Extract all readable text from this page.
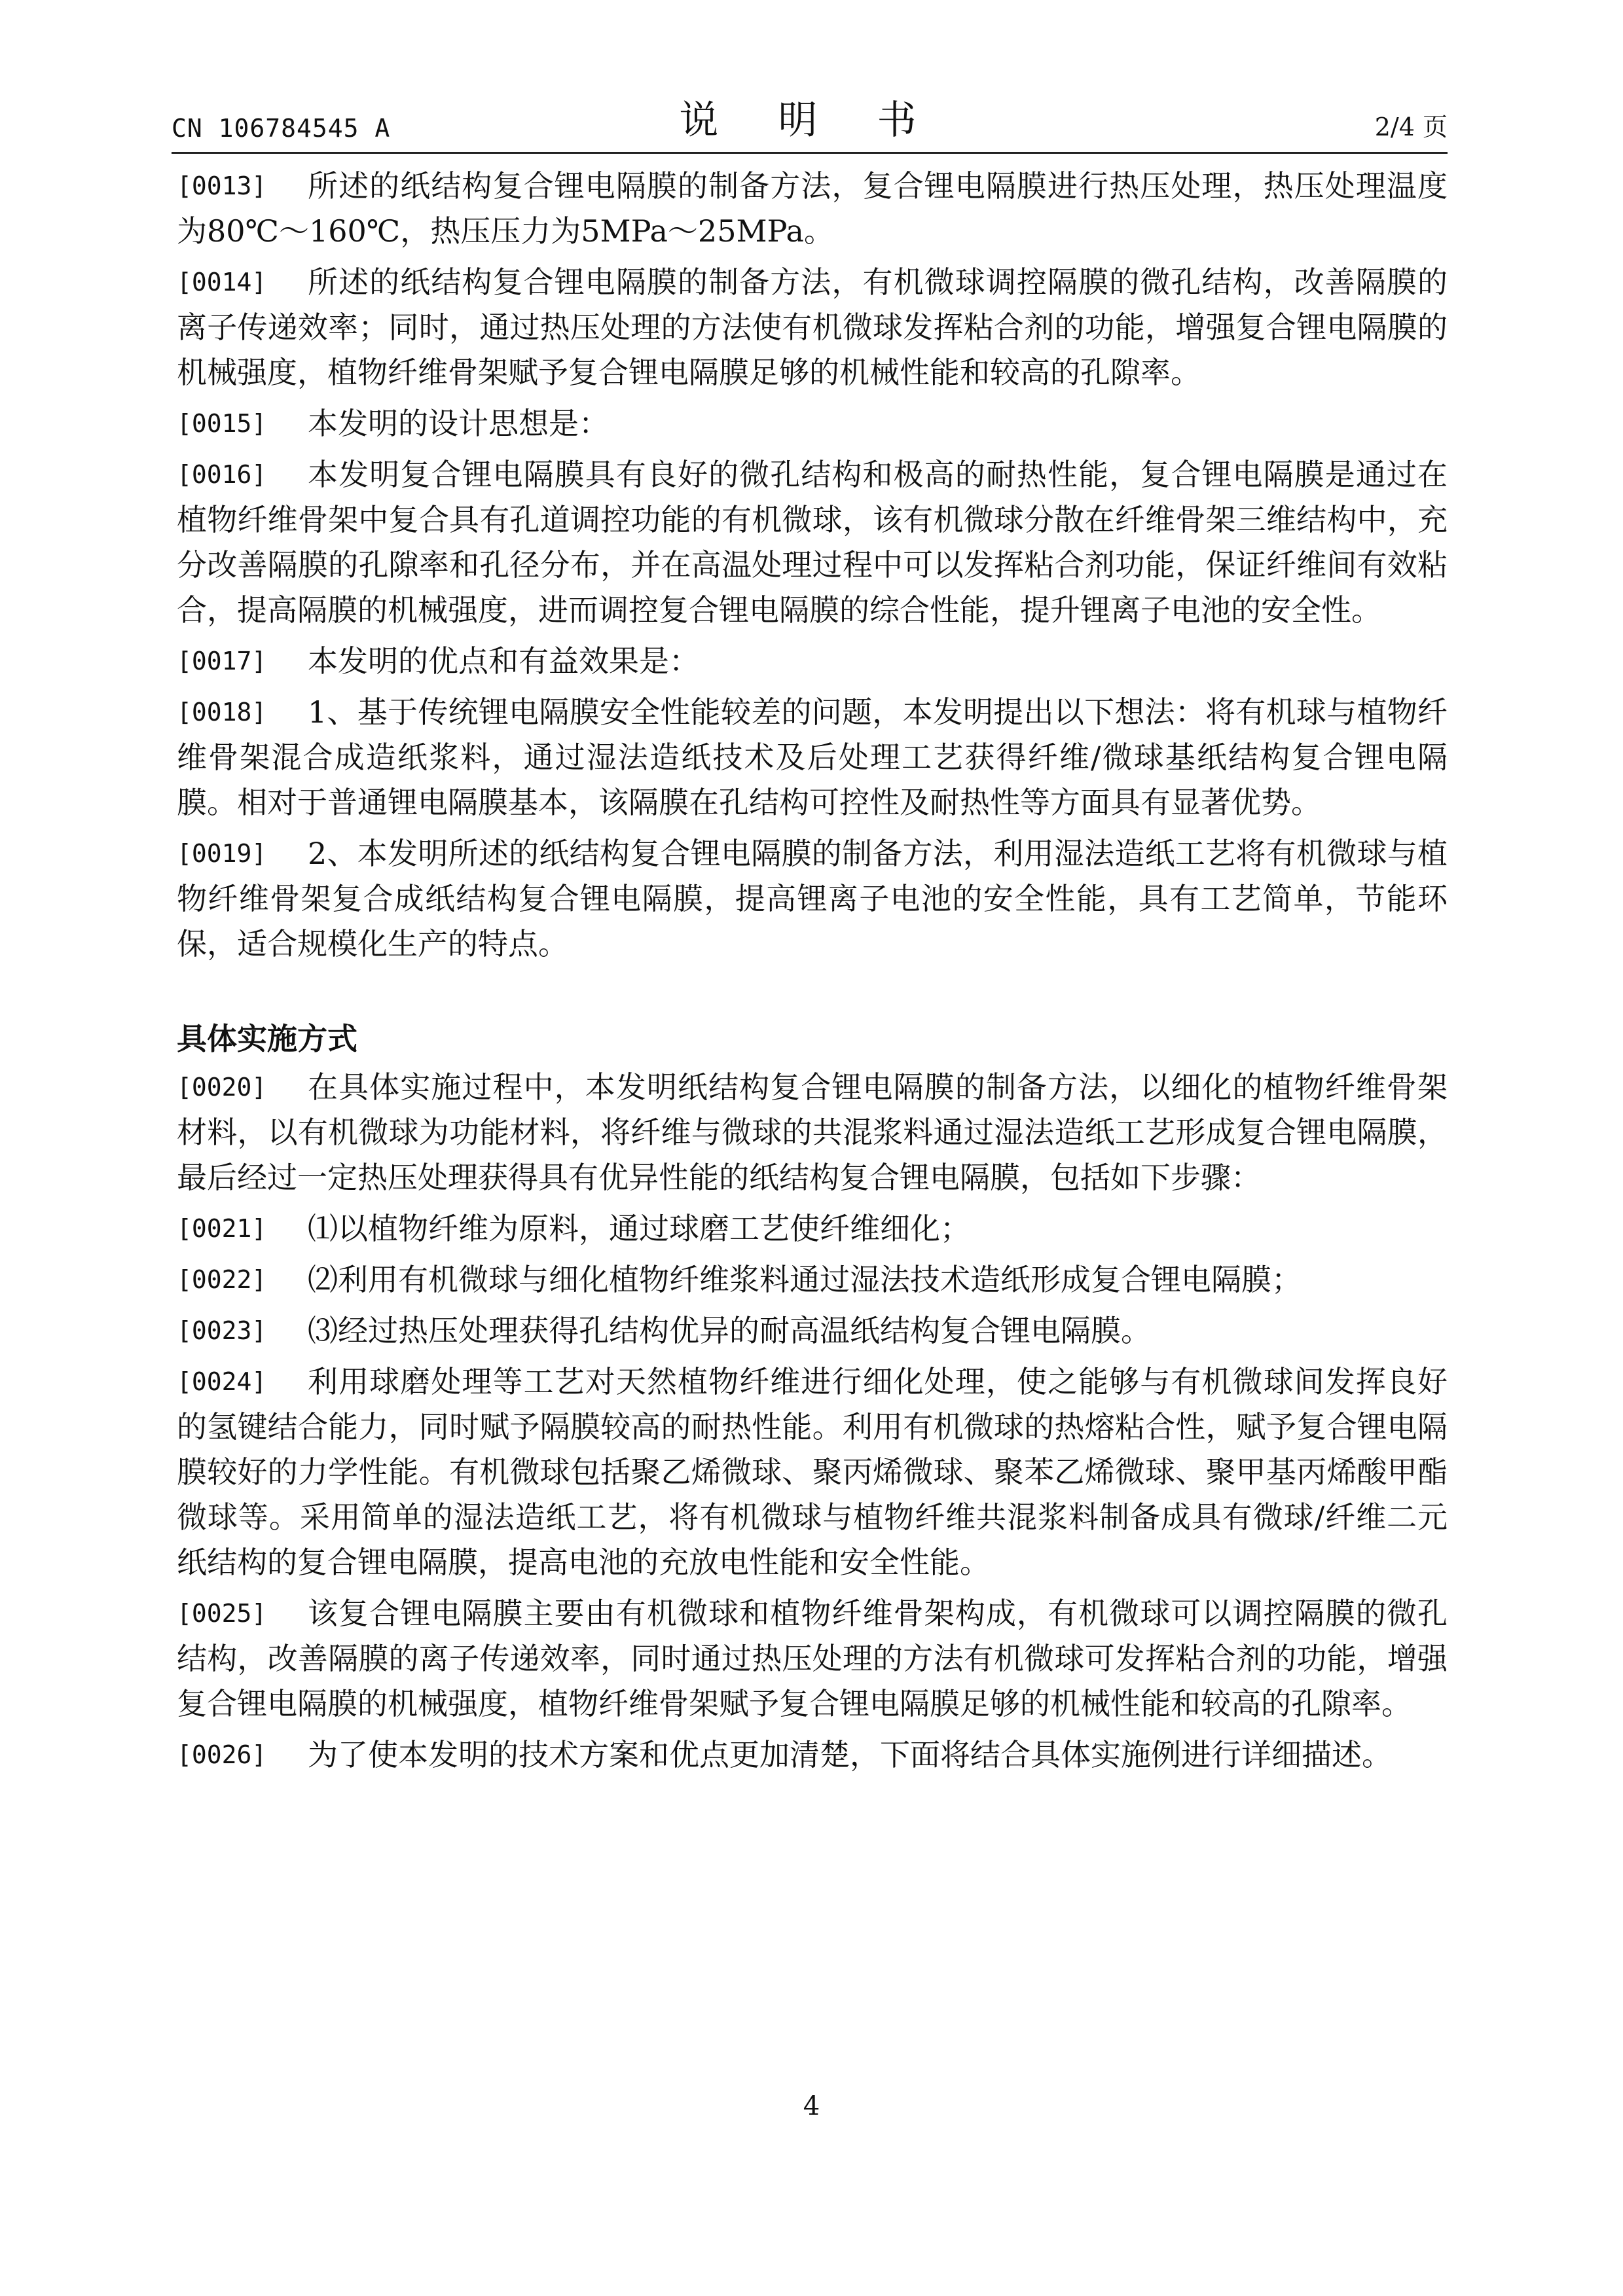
CN 106784545 A	说 明 书	2/4 页
[0013]	所述的纸结构复合锂电隔膜的制备方法，复合锂电隔膜进行热压处理，热压处理温度为80℃～160℃，热压压力为5MPa～25MPa。
[0014]	所述的纸结构复合锂电隔膜的制备方法，有机微球调控隔膜的微孔结构，改善隔膜的离子传递效率；同时，通过热压处理的方法使有机微球发挥粘合剂的功能，增强复合锂电隔膜的机械强度，植物纤维骨架赋予复合锂电隔膜足够的机械性能和较高的孔隙率。
[0015]	本发明的设计思想是：
[0016]	本发明复合锂电隔膜具有良好的微孔结构和极高的耐热性能，复合锂电隔膜是通过在植物纤维骨架中复合具有孔道调控功能的有机微球，该有机微球分散在纤维骨架三维结构中，充分改善隔膜的孔隙率和孔径分布，并在高温处理过程中可以发挥粘合剂功能，保证纤维间有效粘合，提高隔膜的机械强度，进而调控复合锂电隔膜的综合性能，提升锂离子电池的安全性。
[0017]	本发明的优点和有益效果是：
[0018]	1、基于传统锂电隔膜安全性能较差的问题，本发明提出以下想法：将有机球与植物纤维骨架混合成造纸浆料，通过湿法造纸技术及后处理工艺获得纤维/微球基纸结构复合锂电隔膜。相对于普通锂电隔膜基本，该隔膜在孔结构可控性及耐热性等方面具有显著优势。
[0019]	2、本发明所述的纸结构复合锂电隔膜的制备方法，利用湿法造纸工艺将有机微球与植物纤维骨架复合成纸结构复合锂电隔膜，提高锂离子电池的安全性能，具有工艺简单，节能环保，适合规模化生产的特点。
具体实施方式
[0020]	在具体实施过程中，本发明纸结构复合锂电隔膜的制备方法，以细化的植物纤维骨架材料，以有机微球为功能材料，将纤维与微球的共混浆料通过湿法造纸工艺形成复合锂电隔膜，最后经过一定热压处理获得具有优异性能的纸结构复合锂电隔膜，包括如下步骤：
[0021]	⑴以植物纤维为原料，通过球磨工艺使纤维细化；
[0022]	⑵利用有机微球与细化植物纤维浆料通过湿法技术造纸形成复合锂电隔膜；
[0023]	⑶经过热压处理获得孔结构优异的耐高温纸结构复合锂电隔膜。
[0024]	利用球磨处理等工艺对天然植物纤维进行细化处理，使之能够与有机微球间发挥良好的氢键结合能力，同时赋予隔膜较高的耐热性能。利用有机微球的热熔粘合性，赋予复合锂电隔膜较好的力学性能。有机微球包括聚乙烯微球、聚丙烯微球、聚苯乙烯微球、聚甲基丙烯酸甲酯微球等。采用简单的湿法造纸工艺，将有机微球与植物纤维共混浆料制备成具有微球/纤维二元纸结构的复合锂电隔膜，提高电池的充放电性能和安全性能。
[0025]	该复合锂电隔膜主要由有机微球和植物纤维骨架构成，有机微球可以调控隔膜的微孔结构，改善隔膜的离子传递效率，同时通过热压处理的方法有机微球可发挥粘合剂的功能，增强复合锂电隔膜的机械强度，植物纤维骨架赋予复合锂电隔膜足够的机械性能和较高的孔隙率。
[0026]	为了使本发明的技术方案和优点更加清楚，下面将结合具体实施例进行详细描述。
4
